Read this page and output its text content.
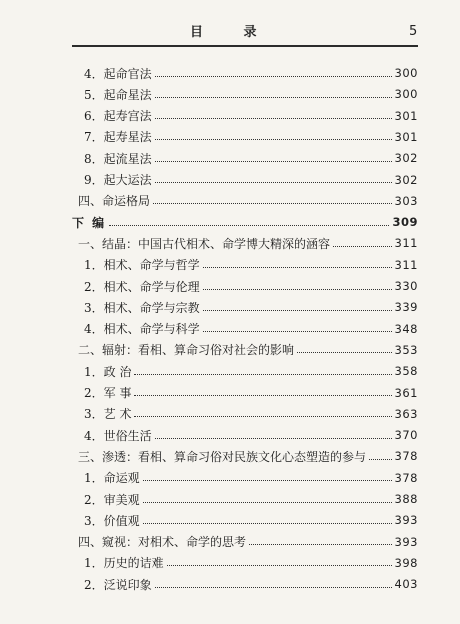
目 录	5
4．起命官法	300
5．起命星法	300
6．起寿宫法	301
7．起寿星法	301
8．起流星法	302
9．起大运法	302
四、命运格局	303
下 编	309
一、结晶：中国古代相术、命学博大精深的涵容	311
1．相术、命学与哲学	311
2．相术、命学与伦理	330
3．相术、命学与宗教	339
4．相术、命学与科学	348
二、辐射：看相、算命习俗对社会的影响	353
1．政 治	358
2．军 事	361
3．艺 术	363
4．世俗生活	370
三、渗透：看相、算命习俗对民族文化心态塑造的参与 378
1．命运观	378
2．审美观	388
3．价值观	393
四、窥视：对相术、命学的思考	393
1．历史的诘难	398
2．泛说印象	403
